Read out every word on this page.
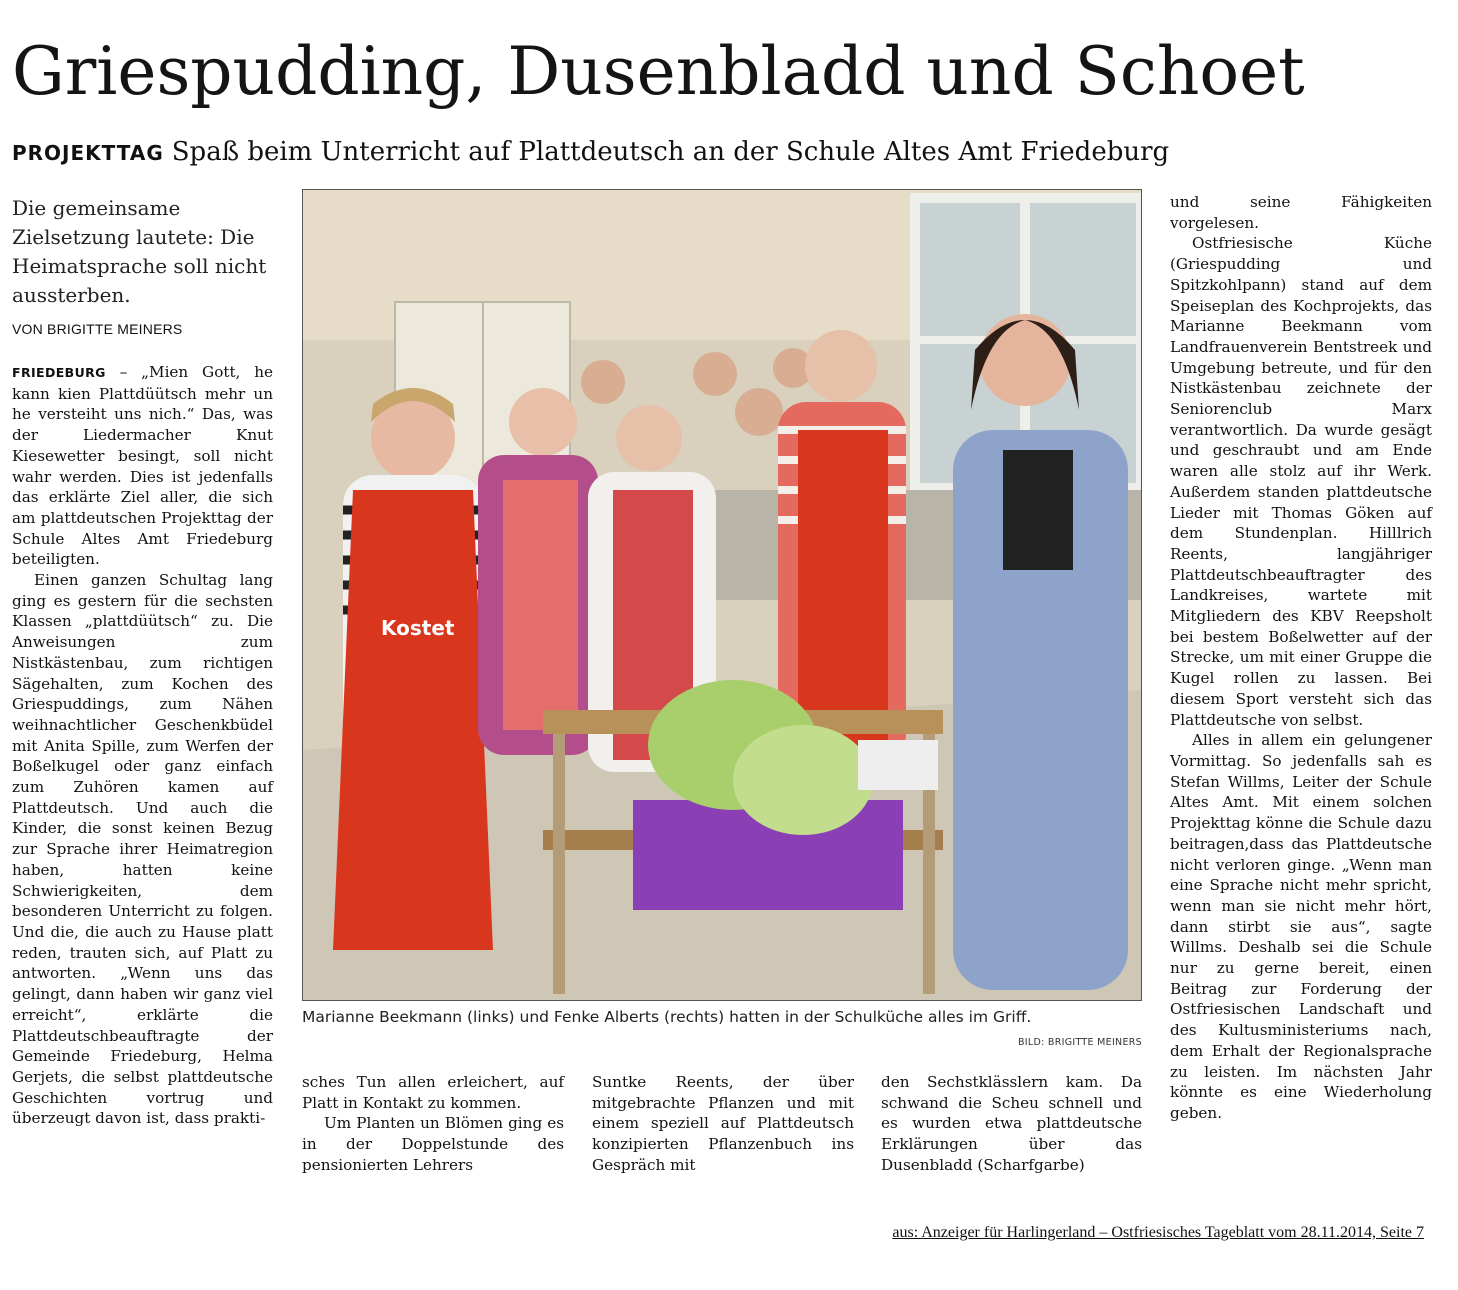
Griespudding, Dusenbladd und Schoet
PROJEKTTAG Spaß beim Unterricht auf Plattdeutsch an der Schule Altes Amt Friedeburg
Die gemeinsame Zielsetzung lautete: Die Heimatsprache soll nicht aussterben.
VON BRIGITTE MEINERS

FRIEDEBURG – „Mien Gott, he kann kien Plattdüütsch mehr un he versteiht uns nich.“ Das, was der Liedermacher Knut Kiesewetter besingt, soll nicht wahr werden. Dies ist jedenfalls das erklärte Ziel aller, die sich am plattdeutschen Projekttag der Schule Altes Amt Friedeburg beteiligten.

Einen ganzen Schultag lang ging es gestern für die sechsten Klassen „plattdüütsch“ zu. Die Anweisungen zum Nistkästenbau, zum richtigen Sägehalten, zum Kochen des Griespuddings, zum Nähen weihnachtlicher Geschenkbüdel mit Anita Spille, zum Werfen der Boßelkugel oder ganz einfach zum Zuhören kamen auf Plattdeutsch. Und auch die Kinder, die sonst keinen Bezug zur Sprache ihrer Heimatregion haben, hatten keine Schwierigkeiten, dem besonderen Unterricht zu folgen. Und die, die auch zu Hause platt reden, trauten sich, auf Platt zu antworten. „Wenn uns das gelingt, dann haben wir ganz viel erreicht“, erklärte die Plattdeutschbeauftragte der Gemeinde Friedeburg, Helma Gerjets, die selbst plattdeutsche Geschichten vortrug und überzeugt davon ist, dass prakti-

Kostet
Marianne Beekmann (links) und Fenke Alberts (rechts) hatten in der Schulküche alles im Griff.
BILD: BRIGITTE MEINERS

sches Tun allen erleichert, auf Platt in Kontakt zu kommen.

Um Planten un Blömen ging es in der Doppelstunde des pensionierten Lehrers

Suntke Reents, der über mitgebrachte Pflanzen und mit einem speziell auf Plattdeutsch konzipierten Pflanzenbuch ins Gespräch mit

den Sechstklässlern kam. Da schwand die Scheu schnell und es wurden etwa plattdeutsche Erklärungen über das Dusenbladd (Scharfgarbe)

und seine Fähigkeiten vorgelesen.

Ostfriesische Küche (Griespudding und Spitzkohlpann) stand auf dem Speiseplan des Kochprojekts, das Marianne Beekmann vom Landfrauenverein Bentstreek und Umgebung betreute, und für den Nistkästenbau zeichnete der Seniorenclub Marx verantwortlich. Da wurde gesägt und geschraubt und am Ende waren alle stolz auf ihr Werk. Außerdem standen plattdeutsche Lieder mit Thomas Göken auf dem Stundenplan. Hilllrich Reents, langjähriger Plattdeutschbeauftragter des Landkreises, wartete mit Mitgliedern des KBV Reepsholt bei bestem Boßelwetter auf der Strecke, um mit einer Gruppe die Kugel rollen zu lassen. Bei diesem Sport versteht sich das Plattdeutsche von selbst.

Alles in allem ein gelungener Vormittag. So jedenfalls sah es Stefan Willms, Leiter der Schule Altes Amt. Mit einem solchen Projekttag könne die Schule dazu beitragen,dass das Plattdeutsche nicht verloren ginge. „Wenn man eine Sprache nicht mehr spricht, wenn man sie nicht mehr hört, dann stirbt sie aus“, sagte Willms. Deshalb sei die Schule nur zu gerne bereit, einen Beitrag zur Forderung der Ostfriesischen Landschaft und des Kultusministeriums nach, dem Erhalt der Regionalsprache zu leisten. Im nächsten Jahr könnte es eine Wiederholung geben.

aus: Anzeiger für Harlingerland – Ostfriesisches Tageblatt vom 28.11.2014, Seite 7
